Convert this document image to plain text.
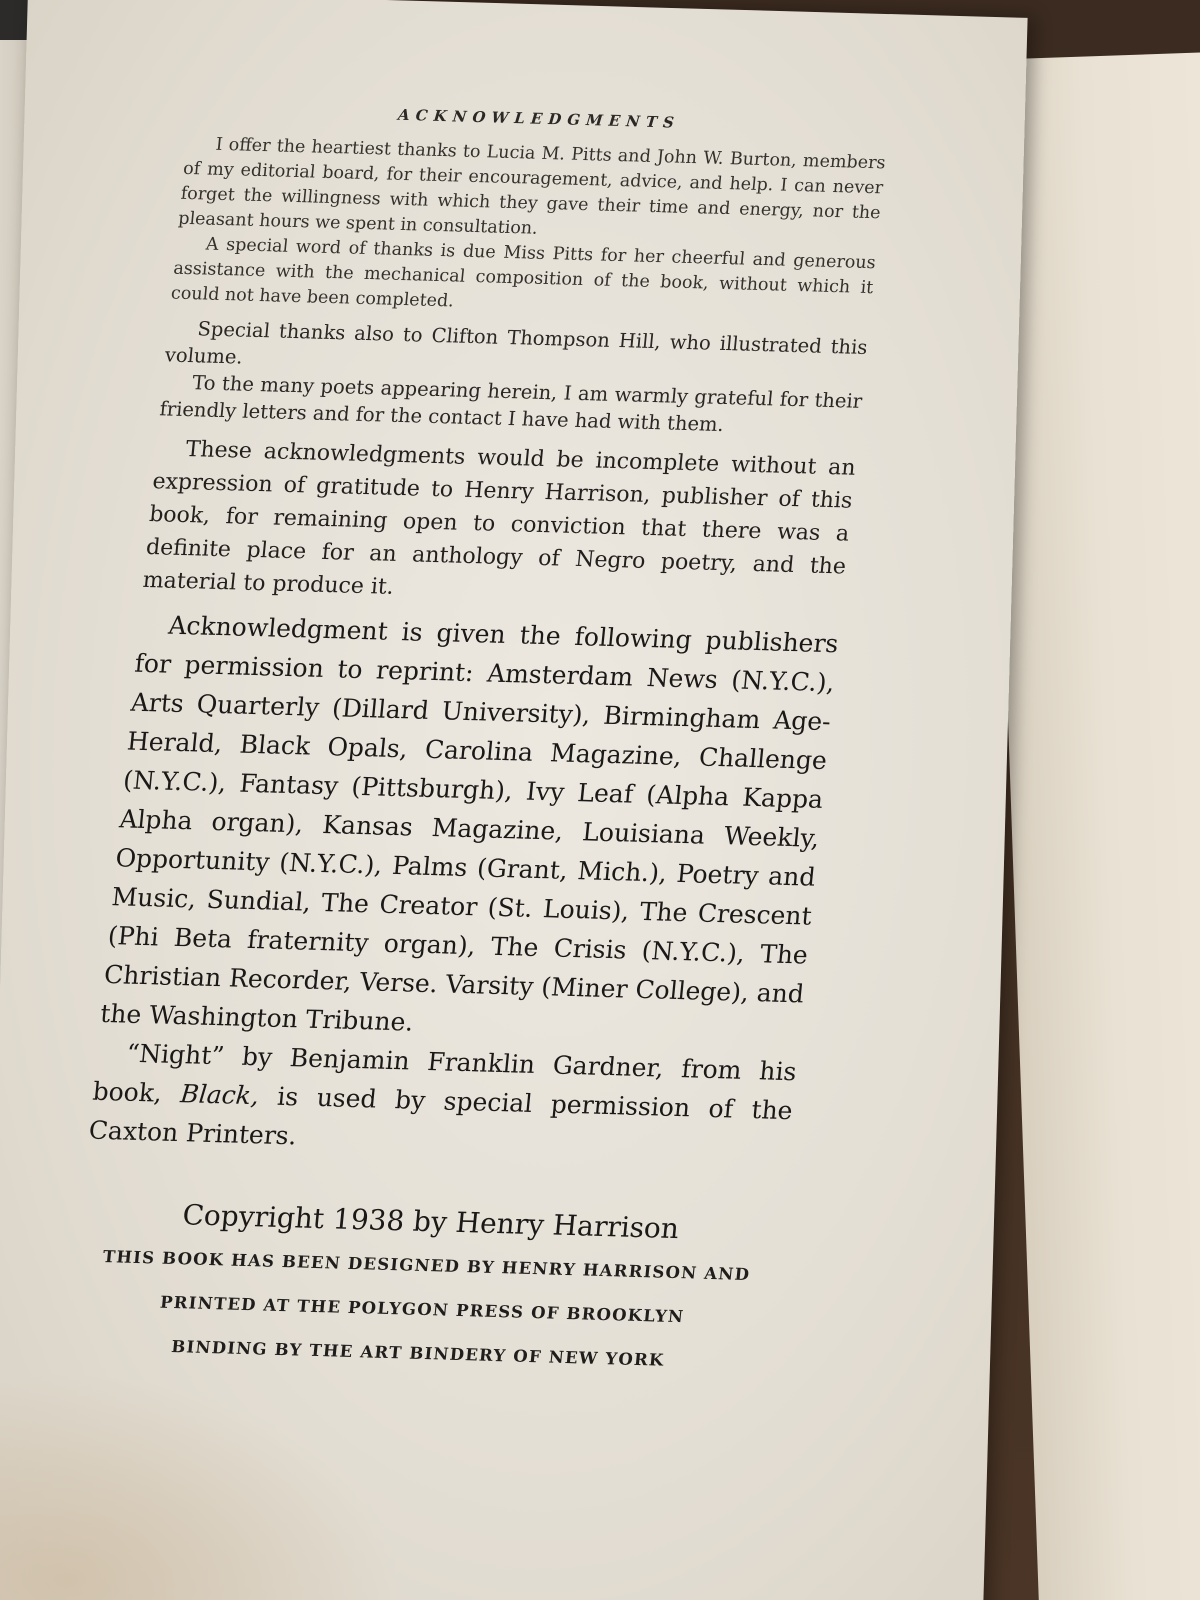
ACKNOWLEDGMENTS

I offer the heartiest thanks to Lucia M. Pitts and John W. Burton, members of my editorial board, for their encouragement, advice, and help. I can never forget the willingness with which they gave their time and energy, nor the pleasant hours we spent in consultation.

A special word of thanks is due Miss Pitts for her cheerful and generous assistance with the mechanical composition of the book, without which it could not have been completed.

Special thanks also to Clifton Thompson Hill, who illustrated this volume.

To the many poets appearing herein, I am warmly grateful for their friendly letters and for the contact I have had with them.

These acknowledgments would be incomplete without an expression of gratitude to Henry Harrison, publisher of this book, for remaining open to conviction that there was a definite place for an anthology of Negro poetry, and the material to produce it.

Acknowledgment is given the following publishers for permission to reprint: Amsterdam News (N.Y.C.), Arts Quarterly (Dillard University), Birmingham Age-Herald, Black Opals, Carolina Magazine, Challenge (N.Y.C.), Fantasy (Pittsburgh), Ivy Leaf (Alpha Kappa Alpha organ), Kansas Magazine, Louisiana Weekly, Opportunity (N.Y.C.), Palms (Grant, Mich.), Poetry and Music, Sundial, The Creator (St. Louis), The Crescent (Phi Beta fraternity organ), The Crisis (N.Y.C.), The Christian Recorder, Verse. Varsity (Miner College), and the Washington Tribune.

“Night” by Benjamin Franklin Gardner, from his book, Black, is used by special permission of the Caxton Printers.

Copyright 1938 by Henry Harrison
THIS BOOK HAS BEEN DESIGNED BY HENRY HARRISON AND
PRINTED AT THE POLYGON PRESS OF BROOKLYN
BINDING BY THE ART BINDERY OF NEW YORK
